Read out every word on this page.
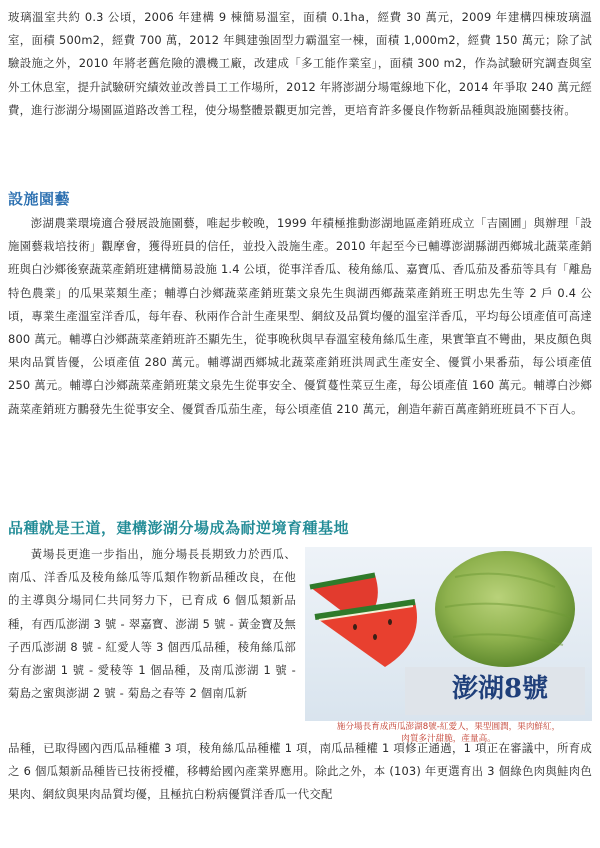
玻璃溫室共約 0.3 公頃，2006 年建構 9 棟簡易溫室，面積 0.1ha，經費 30 萬元，2009 年建構四棟玻璃溫室，面積 500m2，經費 700 萬，2012 年興建強固型力霸溫室一棟，面積 1,000m2，經費 150 萬元；除了試驗設施之外，2010 年將老舊危險的濃機工廠，改建成「多工能作業室」，面積 300 m2，作為試驗研究調查與室外工休息室，提升試驗研究績效並改善員工工作場所，2012 年將澎湖分場電線地下化，2014 年爭取 240 萬元經費，進行澎湖分場園區道路改善工程，使分場整體景觀更加完善，更培育許多優良作物新品種與設施園藝技術。

設施園藝

澎湖農業環境適合發展設施園藝，唯起步較晚，1999 年積極推動澎湖地區產銷班成立「吉園圃」與辦理「設施園藝栽培技術」觀摩會，獲得班員的信任，並投入設施生產。2010 年起至今已輔導澎湖縣湖西鄉城北蔬菜產銷班與白沙鄉後寮蔬菜產銷班建構簡易設施 1.4 公頃，從事洋香瓜、稜角絲瓜、嘉寶瓜、香瓜茄及番茄等具有「離島特色農業」的瓜果菜類生產；輔導白沙鄉蔬菜產銷班葉文泉先生與湖西鄉蔬菜產銷班王明忠先生等 2 戶 0.4 公頃，專業生產溫室洋香瓜，每年春、秋兩作合計生產果型、網紋及品質均優的溫室洋香瓜，平均每公頃產值可高達 800 萬元。輔導白沙鄉蔬菜產銷班許丕顯先生，從事晚秋與早春溫室稜角絲瓜生產，果實筆直不彎曲，果皮顏色與果肉品質皆優，公頃產值 280 萬元。輔導湖西鄉城北蔬菜產銷班洪周武生產安全、優質小果番茄，每公頃產值 250 萬元。輔導白沙鄉蔬菜產銷班葉文泉先生從事安全、優質蔓性菜豆生產，每公頃產值 160 萬元。輔導白沙鄉蔬菜產銷班方鵬發先生從事安全、優質香瓜茄生產，每公頃產值 210 萬元，創造年薪百萬產銷班班員不下百人。

品種就是王道，建構澎湖分場成為耐逆境育種基地

黃場長更進一步指出，施分場長長期致力於西瓜、南瓜、洋香瓜及稜角絲瓜等瓜類作物新品種改良，在他的主導與分場同仁共同努力下，已育成 6 個瓜類新品種，有西瓜澎湖 3 號 - 翠嘉寶、澎湖 5 號 - 黃金寶及無子西瓜澎湖 8 號 - 紅愛人等 3 個西瓜品種，稜角絲瓜部分有澎湖 1 號 - 愛稜等 1 個品種，及南瓜澎湖 1 號 - 菊島之蜜與澎湖 2 號 - 菊島之春等 2 個南瓜新	澎湖8號
施分場長育成西瓜澎湖8號-紅愛人，果型圓潤，果肉鮮紅，
肉質多汁甜脆，產量高。

品種，已取得國內西瓜品種權 3 項，稜角絲瓜品種權 1 項，南瓜品種權 1 項修正通過，1 項正在審議中，所育成之 6 個瓜類新品種皆已技術授權，移轉給國內產業界應用。除此之外，本 (103) 年更選育出 3 個綠色肉與鮭肉色果肉、網紋與果肉品質均優，且極抗白粉病優質洋香瓜一代交配
